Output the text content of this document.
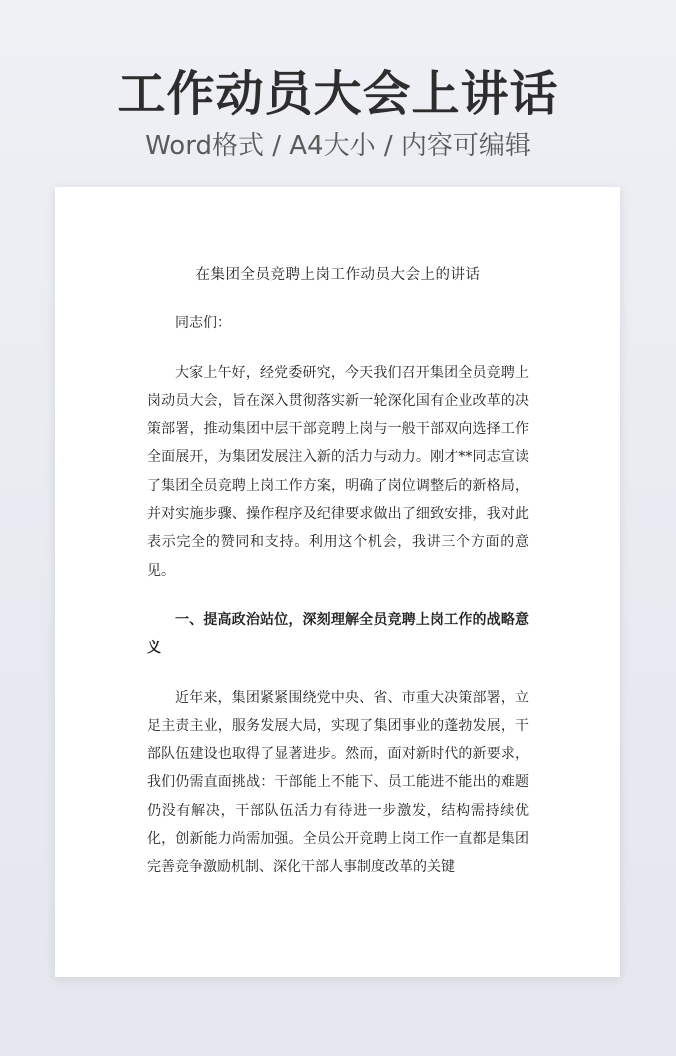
工作动员大会上讲话
Word格式 / A4大小 / 内容可编辑
在集团全员竞聘上岗工作动员大会上的讲话

同志们：

大家上午好，经党委研究，今天我们召开集团全员竞聘上岗动员大会，旨在深入贯彻落实新一轮深化国有企业改革的决策部署，推动集团中层干部竞聘上岗与一般干部双向选择工作全面展开，为集团发展注入新的活力与动力。刚才**同志宣读了集团全员竞聘上岗工作方案，明确了岗位调整后的新格局，并对实施步骤、操作程序及纪律要求做出了细致安排，我对此表示完全的赞同和支持。利用这个机会，我讲三个方面的意见。

一、提高政治站位，深刻理解全员竞聘上岗工作的战略意义

近年来，集团紧紧围绕党中央、省、市重大决策部署，立足主责主业，服务发展大局，实现了集团事业的蓬勃发展，干部队伍建设也取得了显著进步。然而，面对新时代的新要求，我们仍需直面挑战：干部能上不能下、员工能进不能出的难题仍没有解决，干部队伍活力有待进一步激发，结构需持续优化，创新能力尚需加强。全员公开竞聘上岗工作一直都是集团完善竞争激励机制、深化干部人事制度改革的关键
